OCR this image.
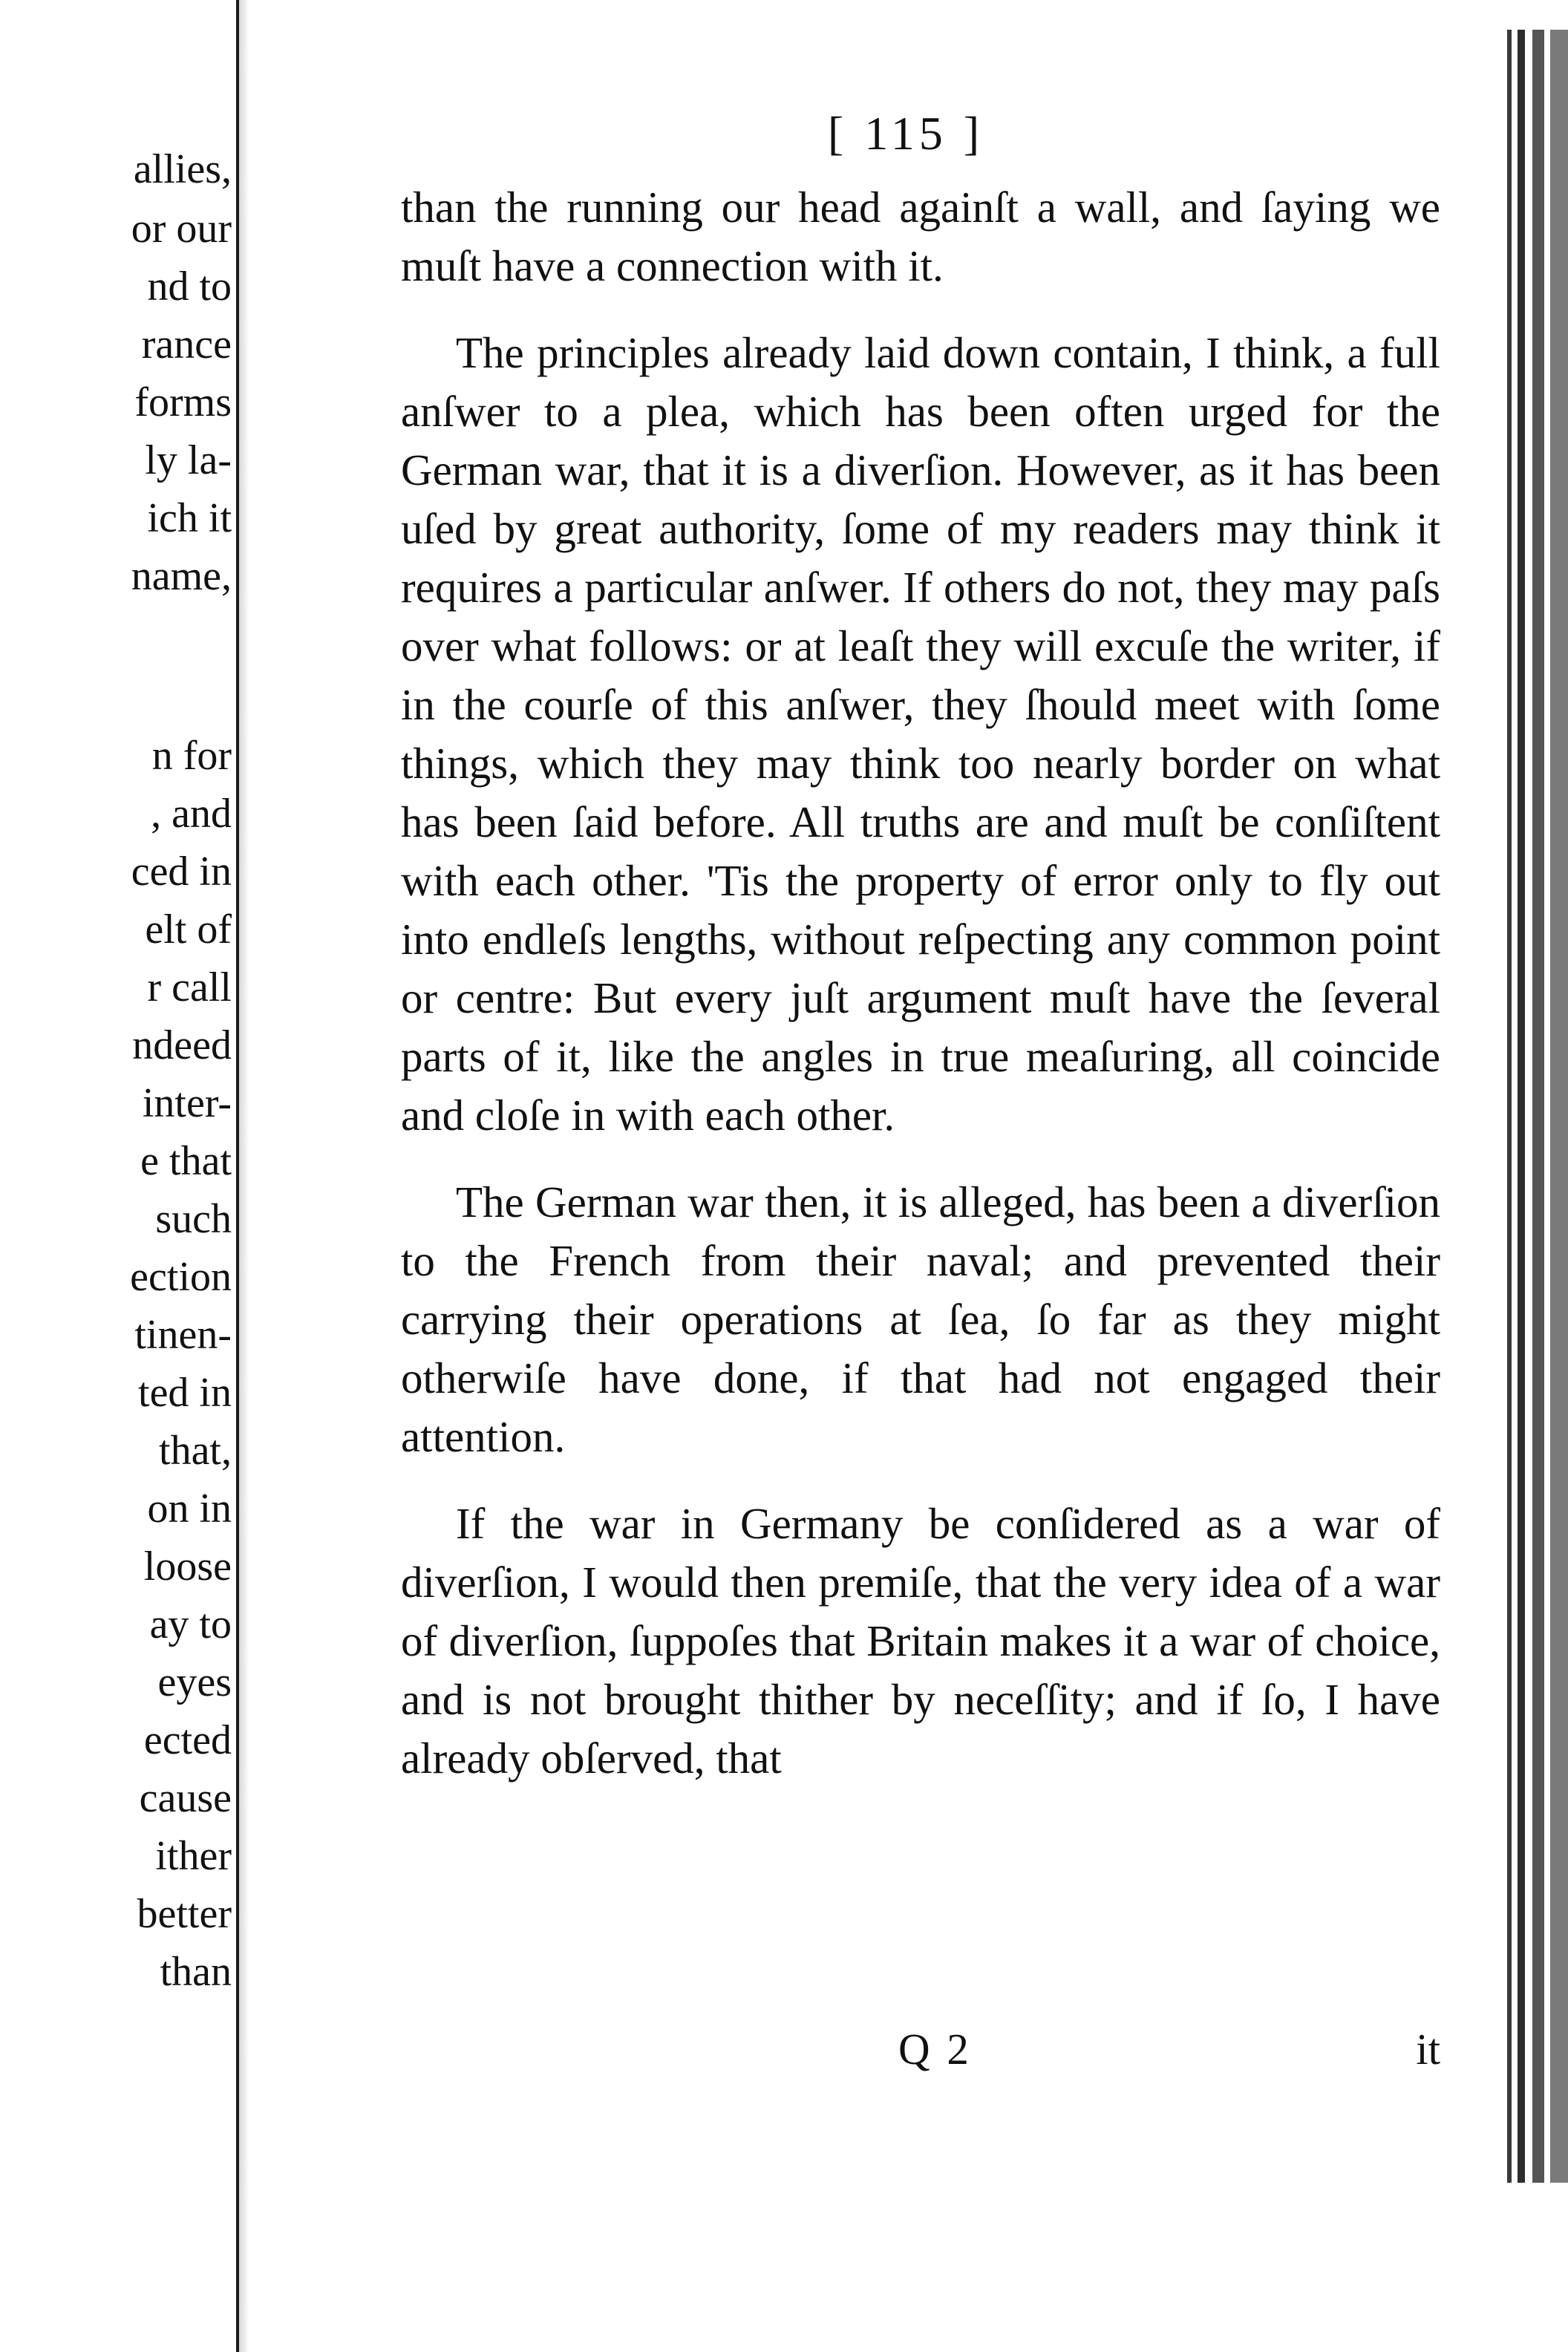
allies,
or our
nd to
rance
forms
ly la-
ich it
name,
n for
, and
ced in
elt of
r call
ndeed
inter-
e that
such
ection
tinen-
ted in
that,
on in
loose
ay to
eyes
ected
cause
ither
better
than
[ 115 ]

than the running our head againſt a wall, and ſaying we muſt have a connection with it.

The principles already laid down contain, I think, a full anſwer to a plea, which has been often urged for the German war, that it is a diverſion. However, as it has been uſed by great authority, ſome of my readers may think it requires a particular anſwer. If others do not, they may paſs over what follows: or at leaſt they will excuſe the writer, if in the courſe of this anſwer, they ſhould meet with ſome things, which they may think too nearly border on what has been ſaid before. All truths are and muſt be conſiſtent with each other. 'Tis the property of error only to fly out into endleſs lengths, without reſpecting any common point or centre: But every juſt argument muſt have the ſeveral parts of it, like the angles in true meaſuring, all coincide and cloſe in with each other.

The German war then, it is alleged, has been a diverſion to the French from their naval; and prevented their carrying their operations at ſea, ſo far as they might otherwiſe have done, if that had not engaged their attention.

If the war in Germany be conſidered as a war of diverſion, I would then premiſe, that the very idea of a war of diverſion, ſuppoſes that Britain makes it a war of choice, and is not brought thither by neceſſity; and if ſo, I have already obſerved, that

Q 2	it
